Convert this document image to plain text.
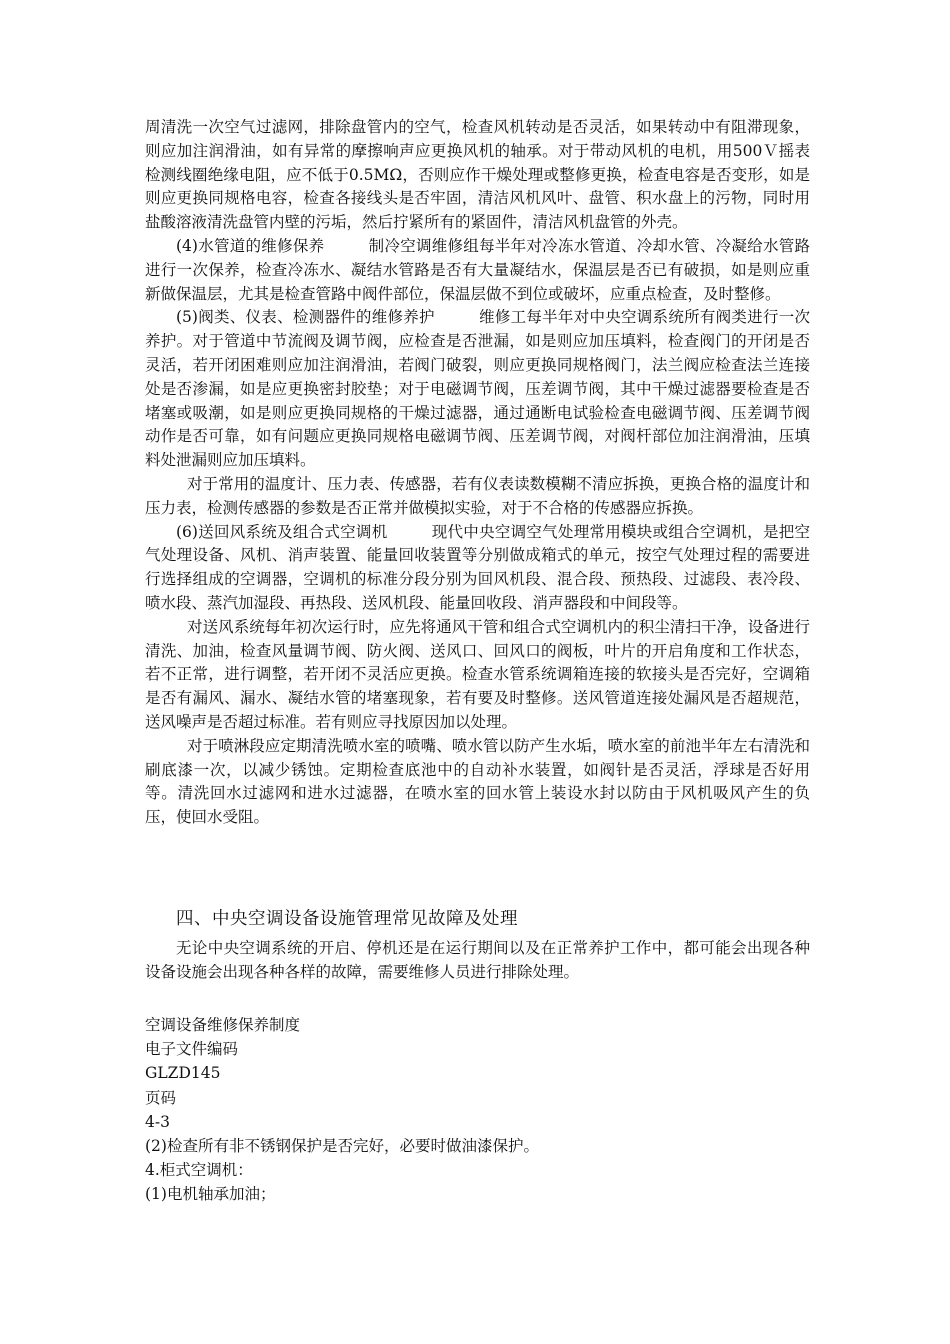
周清洗一次空气过滤网，排除盘管内的空气，检查风机转动是否灵活，如果转动中有阻滞现象，则应加注润滑油，如有异常的摩擦响声应更换风机的轴承。对于带动风机的电机，用500Ｖ摇表检测线圈绝缘电阻，应不低于0.5MΩ，否则应作干燥处理或整修更换，检查电容是否变形，如是则应更换同规格电容，检查各接线头是否牢固，清洁风机风叶、盘管、积水盘上的污物，同时用盐酸溶液清洗盘管内壁的污垢，然后拧紧所有的紧固件，清洁风机盘管的外壳。

(4)水管道的维修保养	制冷空调维修组每半年对冷冻水管道、冷却水管、冷凝给水管路进行一次保养，检查冷冻水、凝结水管路是否有大量凝结水，保温层是否已有破损，如是则应重新做保温层，尤其是检查管路中阀件部位，保温层做不到位或破坏，应重点检查，及时整修。

(5)阀类、仪表、检测器件的维修养护	维修工每半年对中央空调系统所有阀类进行一次养护。对于管道中节流阀及调节阀，应检查是否泄漏，如是则应加压填料，检查阀门的开闭是否灵活，若开闭困难则应加注润滑油，若阀门破裂，则应更换同规格阀门，法兰阀应检查法兰连接处是否渗漏，如是应更换密封胶垫；对于电磁调节阀，压差调节阀，其中干燥过滤器要检查是否堵塞或吸潮，如是则应更换同规格的干燥过滤器，通过通断电试验检查电磁调节阀、压差调节阀动作是否可靠，如有问题应更换同规格电磁调节阀、压差调节阀，对阀杆部位加注润滑油，压填料处泄漏则应加压填料。

对于常用的温度计、压力表、传感器，若有仪表读数模糊不清应拆换，更换合格的温度计和压力表，检测传感器的参数是否正常并做模拟实验，对于不合格的传感器应拆换。

(6)送回风系统及组合式空调机	现代中央空调空气处理常用模块或组合空调机，是把空气处理设备、风机、消声装置、能量回收装置等分别做成箱式的单元，按空气处理过程的需要进行选择组成的空调器，空调机的标准分段分别为回风机段、混合段、预热段、过滤段、表冷段、喷水段、蒸汽加湿段、再热段、送风机段、能量回收段、消声器段和中间段等。

对送风系统每年初次运行时，应先将通风干管和组合式空调机内的积尘清扫干净，设备进行清洗、加油，检查风量调节阀、防火阀、送风口、回风口的阀板，叶片的开启角度和工作状态，若不正常，进行调整，若开闭不灵活应更换。检查水管系统调箱连接的软接头是否完好，空调箱是否有漏风、漏水、凝结水管的堵塞现象，若有要及时整修。送风管道连接处漏风是否超规范，送风噪声是否超过标准。若有则应寻找原因加以处理。

对于喷淋段应定期清洗喷水室的喷嘴、喷水管以防产生水垢，喷水室的前池半年左右清洗和刷底漆一次，以减少锈蚀。定期检查底池中的自动补水装置，如阀针是否灵活，浮球是否好用等。清洗回水过滤网和进水过滤器，在喷水室的回水管上装设水封以防由于风机吸风产生的负压，使回水受阻。

四、中央空调设备设施管理常见故障及处理

无论中央空调系统的开启、停机还是在运行期间以及在正常养护工作中，都可能会出现各种设备设施会出现各种各样的故障，需要维修人员进行排除处理。

空调设备维修保养制度
电子文件编码
GLZD145
页码
4-3
(2)检查所有非不锈钢保护是否完好，必要时做油漆保护。
4.柜式空调机：
(1)电机轴承加油；
